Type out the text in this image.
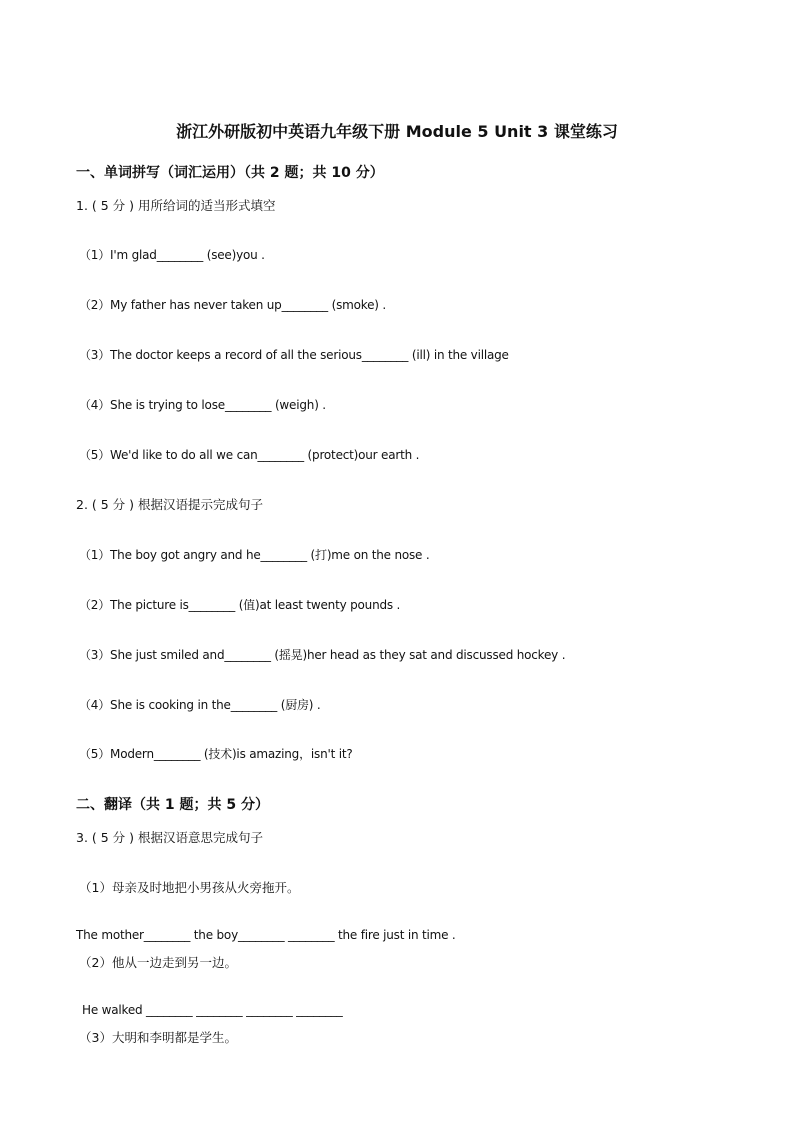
浙江外研版初中英语九年级下册 Module 5 Unit 3 课堂练习
一、单词拼写（词汇运用）（共 2 题；共 10 分）
1. ( 5 分 ) 用所给词的适当形式填空
（1）I'm glad________ (see)you .
（2）My father has never taken up________ (smoke) .
（3）The doctor keeps a record of all the serious________ (ill) in the village
（4）She is trying to lose________ (weigh) .
（5）We'd like to do all we can________ (protect)our earth .
2. ( 5 分 ) 根据汉语提示完成句子
（1）The boy got angry and he________ (打)me on the nose .
（2）The picture is________ (值)at least twenty pounds .
（3）She just smiled and________ (摇晃)her head as they sat and discussed hockey .
（4）She is cooking in the________ (厨房) .
（5）Modern________ (技术)is amazing，isn't it?
二、翻译（共 1 题；共 5 分）
3. ( 5 分 ) 根据汉语意思完成句子
（1）母亲及时地把小男孩从火旁拖开。
The mother________ the boy________ ________ the fire just in time .
（2）他从一边走到另一边。
He walked ________ ________ ________ ________
（3）大明和李明都是学生。
